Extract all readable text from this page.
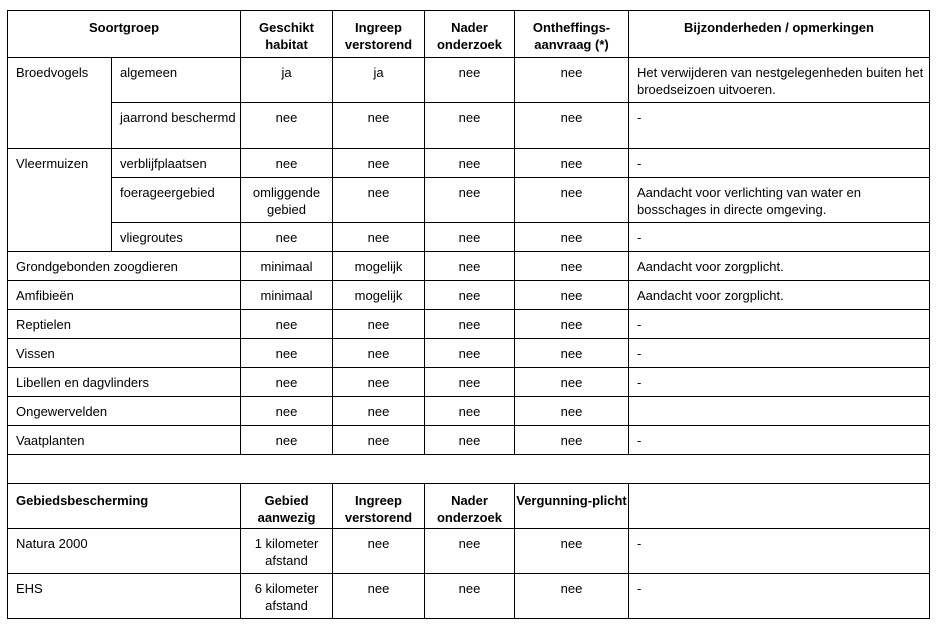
Soortgroep		Geschikt habitat	Ingreep verstorend	Nader onderzoek	Ontheffings-aanvraag (*)	Bijzonderheden / opmerkingen
Broedvogels	algemeen	ja	ja	nee	nee	Het verwijderen van nestgelegenheden buiten het broedseizoen uitvoeren.
	jaarrond beschermd	nee	nee	nee	nee	-
Vleermuizen	verblijfplaatsen	nee	nee	nee	nee	-
	foerageergebied	omliggende gebied	nee	nee	nee	Aandacht voor verlichting van water en bosschages in directe omgeving.
	vliegroutes	nee	nee	nee	nee	-
Grondgebonden zoogdieren		minimaal	mogelijk	nee	nee	Aandacht voor zorgplicht.
Amfibieën		minimaal	mogelijk	nee	nee	Aandacht voor zorgplicht.
Reptielen		nee	nee	nee	nee	-
Vissen		nee	nee	nee	nee	-
Libellen en dagvlinders		nee	nee	nee	nee	-
Ongewervelden		nee	nee	nee	nee	
Vaatplanten		nee	nee	nee	nee	-

Gebiedsbescherming		Gebied aanwezig	Ingreep verstorend	Nader onderzoek	Vergunning-plicht	
Natura 2000		1 kilometer afstand	nee	nee	nee	-
EHS		6 kilometer afstand	nee	nee	nee	-
